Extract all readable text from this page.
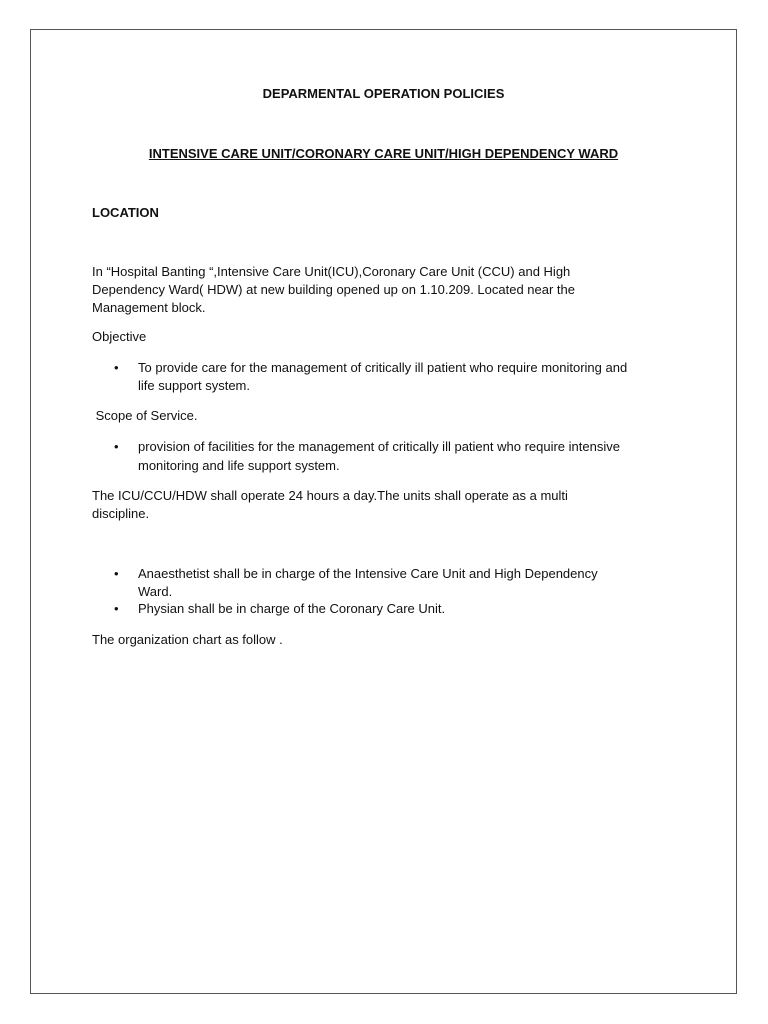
DEPARMENTAL OPERATION POLICIES
INTENSIVE CARE UNIT/CORONARY CARE UNIT/HIGH DEPENDENCY WARD
LOCATION
In “Hospital Banting “,Intensive Care Unit(ICU),Coronary Care Unit (CCU) and High
Dependency Ward( HDW) at new building opened up on 1.10.209. Located near the
Management block.
Objective
• To provide care for the management of critically ill patient who require monitoring and
life support system.
Scope of Service.
• provision of facilities for the management of critically ill patient who require intensive
monitoring and life support system.
The ICU/CCU/HDW shall operate 24 hours a day.The units shall operate as a multi
discipline.
• Anaesthetist shall be in charge of the Intensive Care Unit and High Dependency
Ward.
• Physian shall be in charge of the Coronary Care Unit.
The organization chart as follow .
